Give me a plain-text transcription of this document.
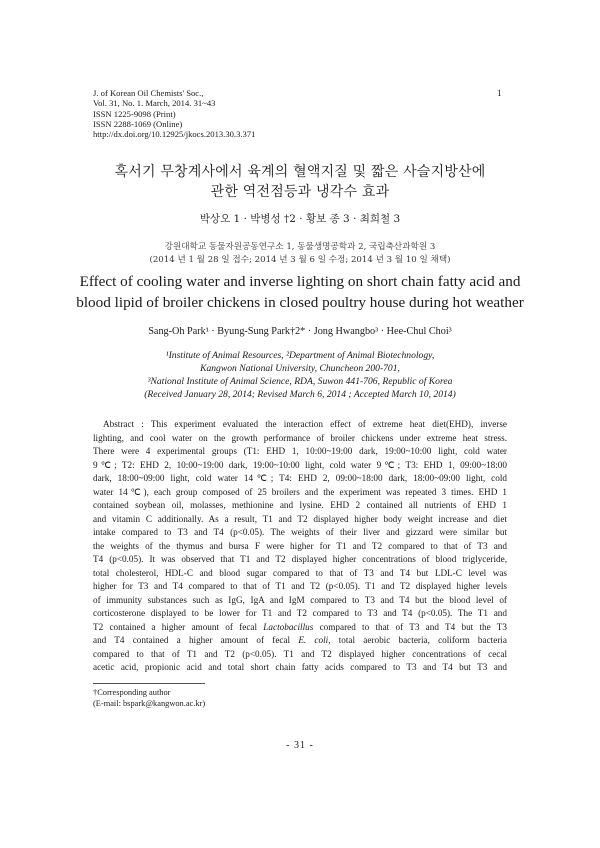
J. of Korean Oil Chemists' Soc.,
Vol. 31, No. 1. March, 2014. 31~43
ISSN 1225-9098 (Print)
ISSN 2288-1069 (Online)
http://dx.doi.org/10.12925/jkocs.2013.30.3.371
1
혹서기 무창계사에서 육계의 혈액지질 및 짧은 사슬지방산에
관한 역전점등과 냉각수 효과
박상오 1 · 박병성 †2 · 황보 종 3 · 최희철 3
강원대학교 동물자원공동연구소 1, 동물생명공학과 2, 국립축산과학원 3
(2014 년 1 월 28 일 접수; 2014 년 3 월 6 일 수정; 2014 년 3 월 10 일 채택)
Effect of cooling water and inverse lighting on short chain fatty acid and
blood lipid of broiler chickens in closed poultry house during hot weather
Sang-Oh Park¹ · Byung-Sung Park†2* · Jong Hwangbo³ · Hee-Chul Choi³
¹Institute of Animal Resources, ²Department of Animal Biotechnology,
Kangwon National University, Chuncheon 200-701,
³National Institute of Animal Science, RDA, Suwon 441-706, Republic of Korea
(Received January 28, 2014; Revised March 6, 2014 ; Accepted March 10, 2014)
Abstract : This experiment evaluated the interaction effect of extreme heat diet(EHD), inverse
lighting, and cool water on the growth performance of broiler chickens under extreme heat stress.
There were 4 experimental groups (T1: EHD 1, 10:00~19:00 dark, 19:00~10:00 light, cold water
9℃; T2: EHD 2, 10:00~19:00 dark, 19:00~10:00 light, cold water 9℃; T3: EHD 1, 09:00~18:00
dark, 18:00~09:00 light, cold water 14℃; T4: EHD 2, 09:00~18:00 dark, 18:00~09:00 light, cold
water 14℃), each group composed of 25 broilers and the experiment was repeated 3 times. EHD 1
contained soybean oil, molasses, methionine and lysine. EHD 2 contained all nutrients of EHD 1
and vitamin C additionally. As a result, T1 and T2 displayed higher body weight increase and diet
intake compared to T3 and T4 (p<0.05). The weights of their liver and gizzard were similar but
the weights of the thymus and bursa F were higher for T1 and T2 compared to that of T3 and
T4 (p<0.05). It was observed that T1 and T2 displayed higher concentrations of blood triglyceride,
total cholesterol, HDL-C and blood sugar compared to that of T3 and T4 but LDL-C level was
higher for T3 and T4 compared to that of T1 and T2 (p<0.05). T1 and T2 displayed higher levels
of immunity substances such as IgG, IgA and IgM compared to T3 and T4 but the blood level of
corticosterone displayed to be lower for T1 and T2 compared to T3 and T4 (p<0.05). The T1 and
T2 contained a higher amount of fecal Lactobacillus compared to that of T3 and T4 but the T3
and T4 contained a higher amount of fecal E. coli, total aerobic bacteria, coliform bacteria
compared to that of T1 and T2 (p<0.05). T1 and T2 displayed higher concentrations of cecal
acetic acid, propionic acid and total short chain fatty acids compared to T3 and T4 but T3 and
†Corresponding author
(E-mail: bspark@kangwon.ac.kr)
- 31 -
